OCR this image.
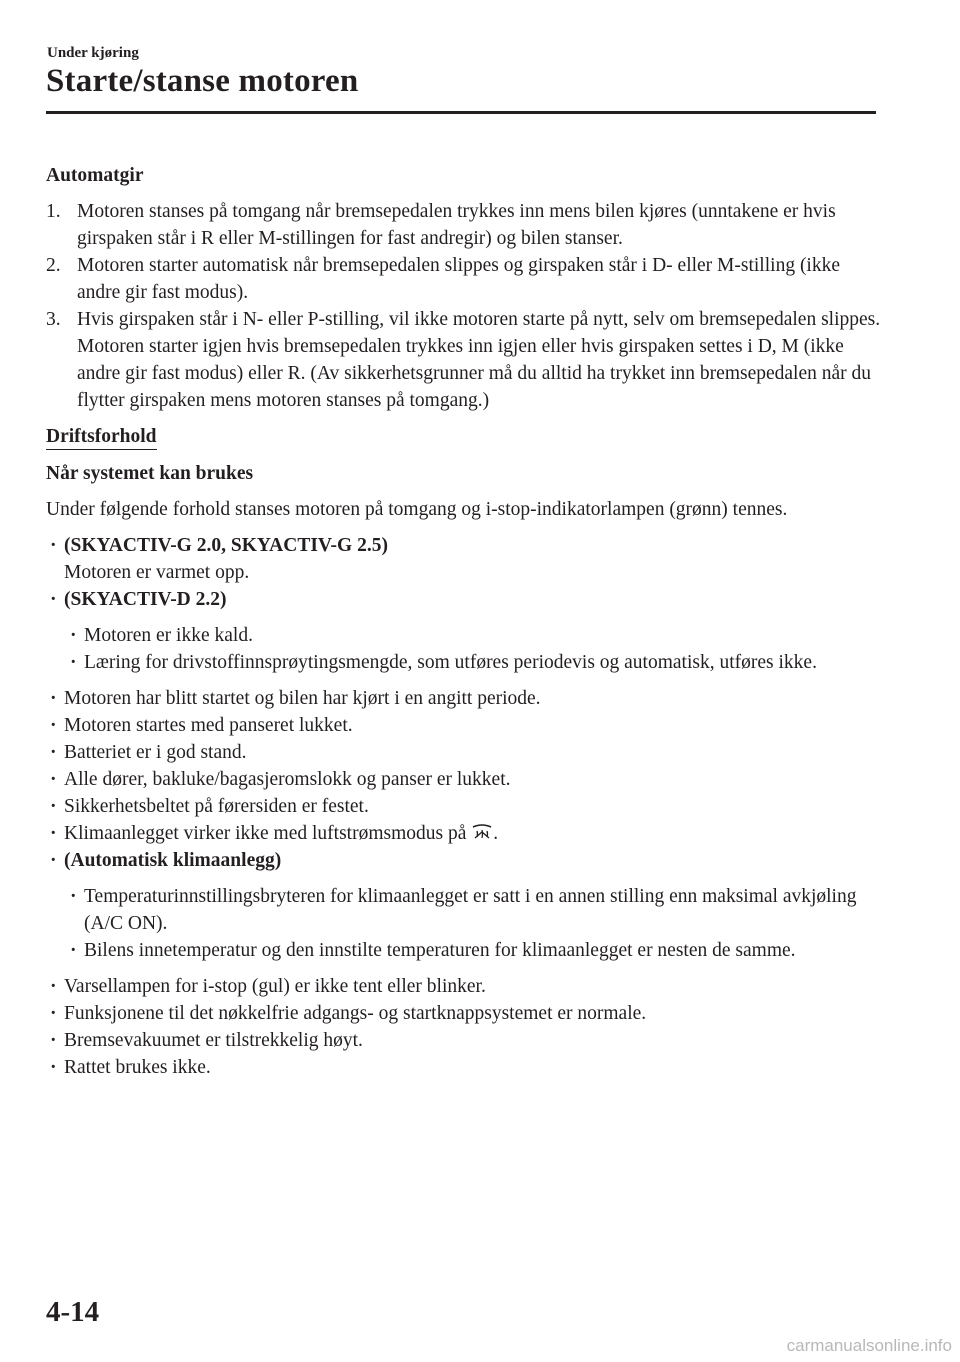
Under kjøring
Starte/stanse motoren
Automatgir
1. Motoren stanses på tomgang når bremsepedalen trykkes inn mens bilen kjøres (unntakene er hvis girspaken står i R eller M-stillingen for fast andregir) og bilen stanser.
2. Motoren starter automatisk når bremsepedalen slippes og girspaken står i D- eller M-stilling (ikke andre gir fast modus).
3. Hvis girspaken står i N- eller P-stilling, vil ikke motoren starte på nytt, selv om bremsepedalen slippes. Motoren starter igjen hvis bremsepedalen trykkes inn igjen eller hvis girspaken settes i D, M (ikke andre gir fast modus) eller R. (Av sikkerhetsgrunner må du alltid ha trykket inn bremsepedalen når du flytter girspaken mens motoren stanses på tomgang.)
Driftsforhold
Når systemet kan brukes
Under følgende forhold stanses motoren på tomgang og i-stop-indikatorlampen (grønn) tennes.
· (SKYACTIV-G 2.0, SKYACTIV-G 2.5)
Motoren er varmet opp.
· (SKYACTIV-D 2.2)
· Motoren er ikke kald.
· Læring for drivstoffinnsprøytingsmengde, som utføres periodevis og automatisk, utføres ikke.
· Motoren har blitt startet og bilen har kjørt i en angitt periode.
· Motoren startes med panseret lukket.
· Batteriet er i god stand.
· Alle dører, bakluke/bagasjeromslokk og panser er lukket.
· Sikkerhetsbeltet på førersiden er festet.
· Klimaanlegget virker ikke med luftstrømsmodus på .
· (Automatisk klimaanlegg)
· Temperaturinnstillingsbryteren for klimaanlegget er satt i en annen stilling enn maksimal avkjøling (A/C ON).
· Bilens innetemperatur og den innstilte temperaturen for klimaanlegget er nesten de samme.
· Varsellampen for i-stop (gul) er ikke tent eller blinker.
· Funksjonene til det nøkkelfrie adgangs- og startknappsystemet er normale.
· Bremsevakuumet er tilstrekkelig høyt.
· Rattet brukes ikke.
4-14
carmanualsonline.info
